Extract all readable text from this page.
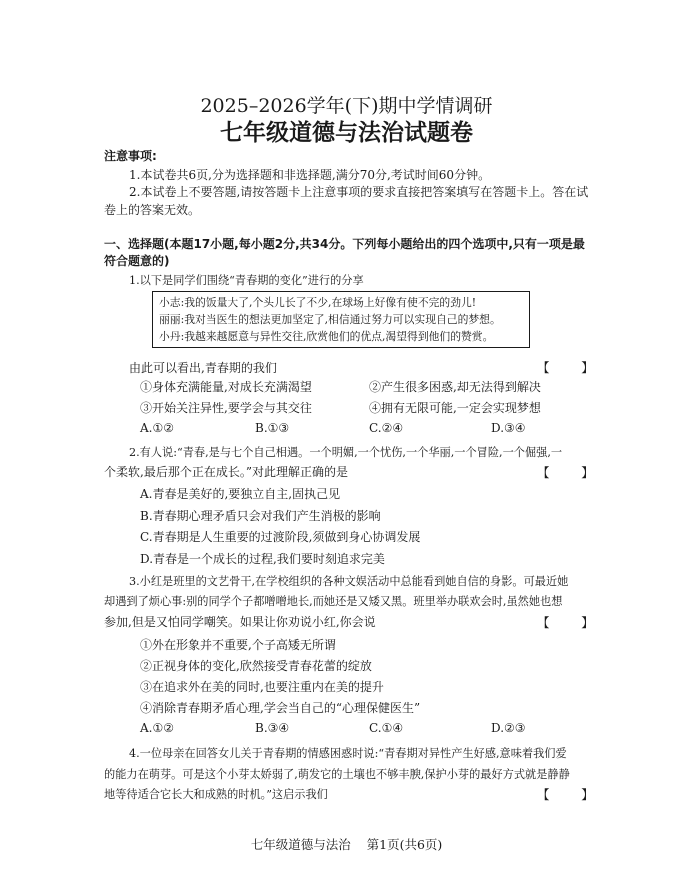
2025–2026学年(下)期中学情调研
七年级道德与法治试题卷
注意事项:
1.本试卷共6页,分为选择题和非选择题,满分70分,考试时间60分钟。
2.本试卷上不要答题,请按答题卡上注意事项的要求直接把答案填写在答题卡上。答在试
卷上的答案无效。
一、选择题(本题17小题,每小题2分,共34分。下列每小题给出的四个选项中,只有一项是最
符合题意的)
1.以下是同学们围绕“青春期的变化”进行的分享
小志:我的饭量大了,个头儿长了不少,在球场上好像有使不完的劲儿!
丽丽:我对当医生的想法更加坚定了,相信通过努力可以实现自己的梦想。
小丹:我越来越愿意与异性交往,欣赏他们的优点,渴望得到他们的赞赏。
由此可以看出,青春期的我们	【        】
①身体充满能量,对成长充满渴望	②产生很多困惑,却无法得到解决
③开始关注异性,要学会与其交往	④拥有无限可能,一定会实现梦想
A.①②	B.①③	C.②④	D.③④
2.有人说:“青春,是与七个自己相遇。一个明媚,一个忧伤,一个华丽,一个冒险,一个倔强,一
个柔软,最后那个正在成长。”对此理解正确的是	【        】
A.青春是美好的,要独立自主,固执己见
B.青春期心理矛盾只会对我们产生消极的影响
C.青春期是人生重要的过渡阶段,须做到身心协调发展
D.青春是一个成长的过程,我们要时刻追求完美
3.小红是班里的文艺骨干,在学校组织的各种文娱活动中总能看到她自信的身影。可最近她
却遇到了烦心事:别的同学个子都噌噌地长,而她还是又矮又黑。班里举办联欢会时,虽然她也想
参加,但是又怕同学嘲笑。如果让你劝说小红,你会说	【        】
①外在形象并不重要,个子高矮无所谓
②正视身体的变化,欣然接受青春花蕾的绽放
③在追求外在美的同时,也要注重内在美的提升
④消除青春期矛盾心理,学会当自己的“心理保健医生”
A.①②	B.③④	C.①④	D.②③
4.一位母亲在回答女儿关于青春期的情感困惑时说:“青春期对异性产生好感,意味着我们爱
的能力在萌芽。可是这个小芽太娇弱了,萌发它的土壤也不够丰腴,保护小芽的最好方式就是静静
地等待适合它长大和成熟的时机。”这启示我们	【        】
七年级道德与法治    第1页(共6页)
